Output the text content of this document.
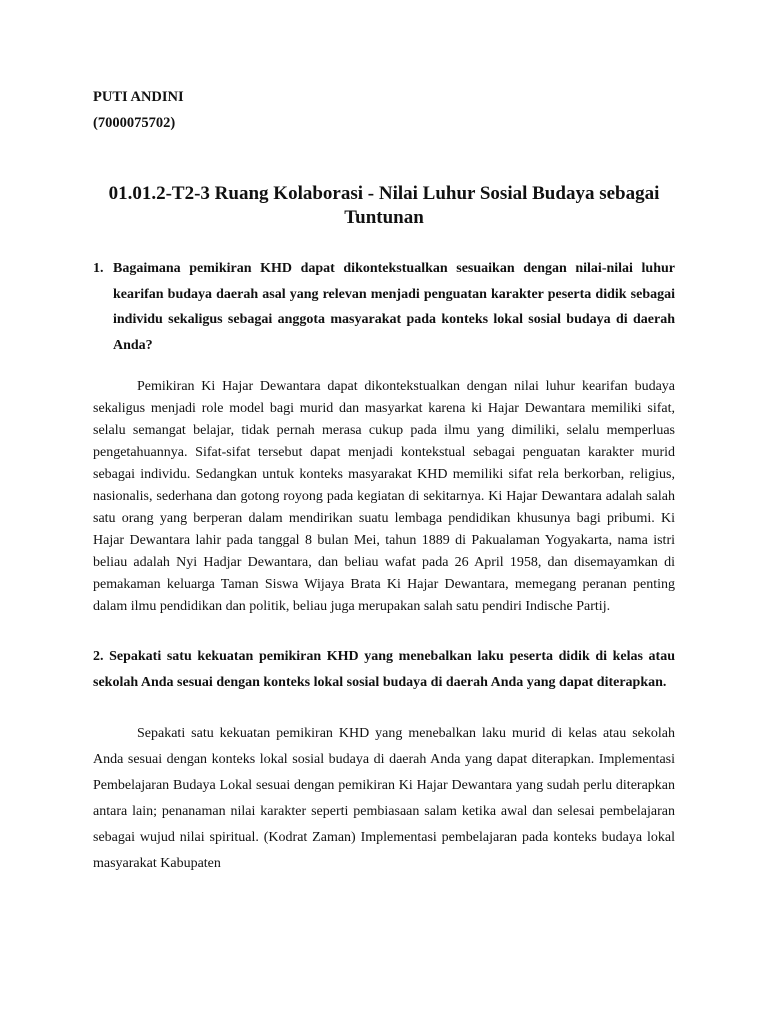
PUTI ANDINI

(7000075702)

01.01.2-T2-3 Ruang Kolaborasi - Nilai Luhur Sosial Budaya sebagai Tuntunan
1. Bagaimana pemikiran KHD dapat dikontekstualkan sesuaikan dengan nilai-nilai luhur kearifan budaya daerah asal yang relevan menjadi penguatan karakter peserta didik sebagai individu sekaligus sebagai anggota masyarakat pada konteks lokal sosial budaya di daerah Anda?

Pemikiran Ki Hajar Dewantara dapat dikontekstualkan dengan nilai luhur kearifan budaya sekaligus menjadi role model bagi murid dan masyarkat karena ki Hajar Dewantara memiliki sifat, selalu semangat belajar, tidak pernah merasa cukup pada ilmu yang dimiliki, selalu memperluas pengetahuannya. Sifat-sifat tersebut dapat menjadi kontekstual sebagai penguatan karakter murid sebagai individu. Sedangkan untuk konteks masyarakat KHD memiliki sifat rela berkorban, religius, nasionalis, sederhana dan gotong royong pada kegiatan di sekitarnya. Ki Hajar Dewantara adalah salah satu orang yang berperan dalam mendirikan suatu lembaga pendidikan khusunya bagi pribumi. Ki Hajar Dewantara lahir pada tanggal 8 bulan Mei, tahun 1889 di Pakualaman Yogyakarta, nama istri beliau adalah Nyi Hadjar Dewantara, dan beliau wafat pada 26 April 1958, dan disemayamkan di pemakaman keluarga Taman Siswa Wijaya Brata Ki Hajar Dewantara, memegang peranan penting dalam ilmu pendidikan dan politik, beliau juga merupakan salah satu pendiri Indische Partij.

2. Sepakati satu kekuatan pemikiran KHD yang menebalkan laku peserta didik di kelas atau sekolah Anda sesuai dengan konteks lokal sosial budaya di daerah Anda yang dapat diterapkan.

Sepakati satu kekuatan pemikiran KHD yang menebalkan laku murid di kelas atau sekolah Anda sesuai dengan konteks lokal sosial budaya di daerah Anda yang dapat diterapkan. Implementasi Pembelajaran Budaya Lokal sesuai dengan pemikiran Ki Hajar Dewantara yang sudah perlu diterapkan antara lain; penanaman nilai karakter seperti pembiasaan salam ketika awal dan selesai pembelajaran sebagai wujud nilai spiritual. (Kodrat Zaman) Implementasi pembelajaran pada konteks budaya lokal masyarakat Kabupaten
